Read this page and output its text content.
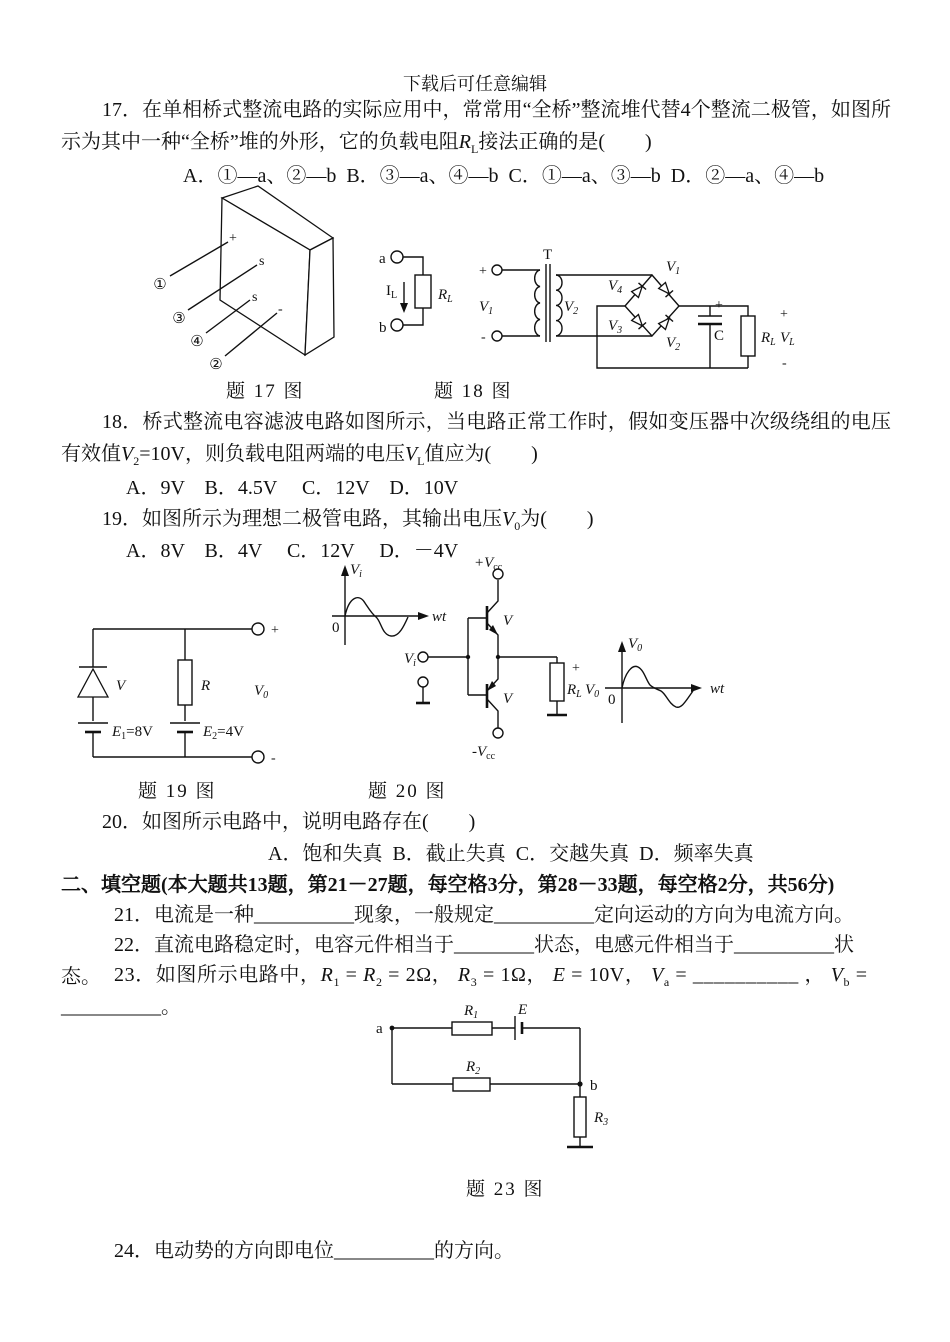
下载后可任意编辑

17．在单相桥式整流电路的实际应用中，常常用“全桥”整流堆代替4个整流二极管，如图所示为其中一种“全桥”堆的外形，它的负载电阻$R_L$接法正确的是(　　)

A．①—a、②—b  B．③—a、④—b  C．①—a、③—b  D．②—a、④—b

+
s
s
-
①
③
④
②
a
b
$I_L$	$R_L$
+
-
T
$V_1$	$V_2$
$V_4$
$V_1$
$V_3$
$V_2$
+
C $R_L$ $V_L$
+
-
题 17 图	题 18 图

18．桥式整流电容滤波电路如图所示，当电路正常工作时，假如变压器中次级绕组的电压有效值$V_2=10V$，则负载电阻两端的电压$V_L$值应为(　　)

A．9V    B．4.5V     C．12V    D．10V

19．如图所示为理想二极管电路，其输出电压$V_0$为(　　)

A．8V    B．4V     C．12V     D．－4V

+
V
$E_1=8V$
R
$E_2=4V$
-
$V_0$
$V_i$
0
wt
$V_i$
$+V_{cc}$
V
$-V_{cc}$
V
+
$R_L$ $V_0$
$V_0$
0
wt
题 19 图	题 20 图

20．如图所示电路中，说明电路存在(　　)

A．饱和失真  B．截止失真  C．交越失真  D．频率失真

二、填空题(本大题共13题，第21－27题，每空格3分，第28－33题，每空格2分，共56分)

21．电流是一种__________现象，一般规定__________定向运动的方向为电流方向。

22．直流电路稳定时，电容元件相当于________状态，电感元件相当于__________状态。 23．如图所示电路中，$R_1 = R_2 = 2\Omega$， $R_3 = 1\Omega$， E = 10V， $V_a$ = __________ ， $V_b$ =

__________。

a
$R_1$	E
$R_2$
b
$R_3$
题 23 图

24．电动势的方向即电位__________的方向。
